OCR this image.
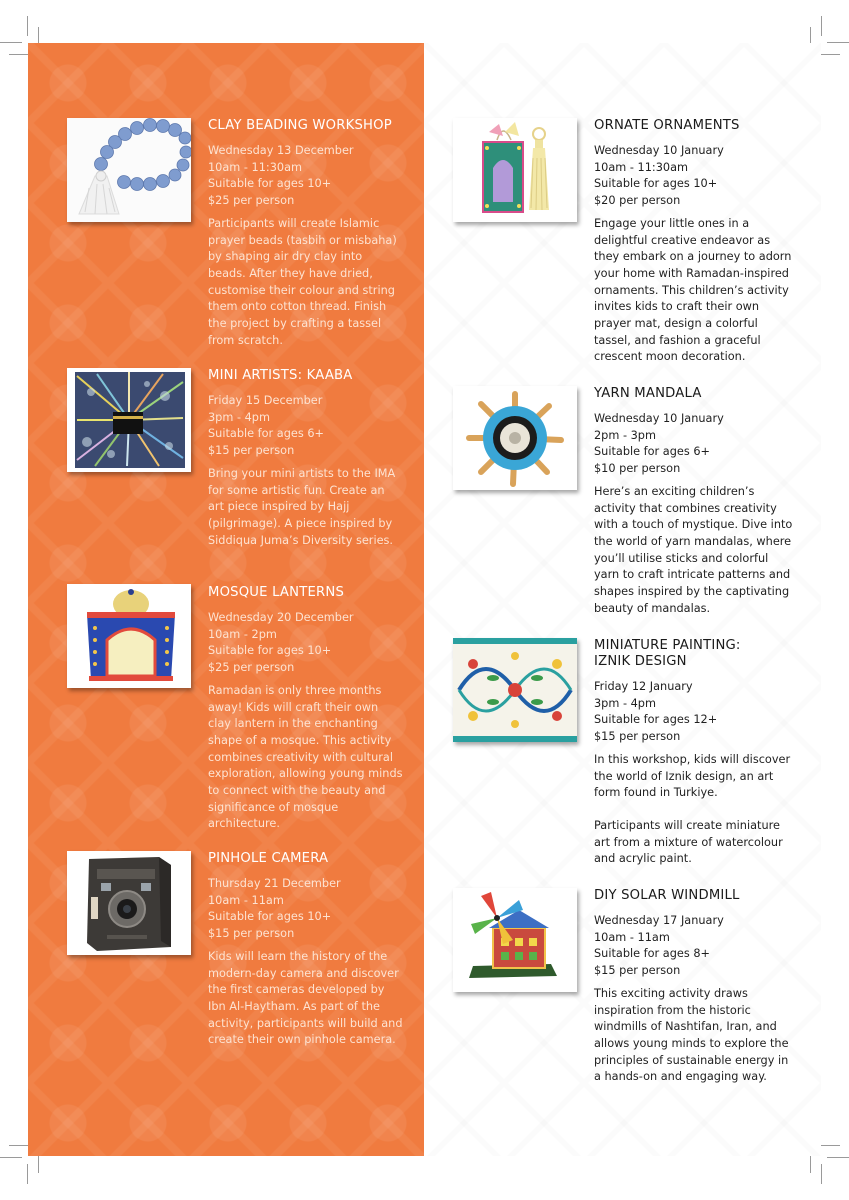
CLAY BEADING WORKSHOP
Wednesday 13 December
10am - 11:30am
Suitable for ages 10+
$25 per person

Participants will create Islamic prayer beads (tasbih or misbaha) by shaping air dry clay into beads. After they have dried, customise their colour and string them onto cotton thread. Finish the project by crafting a tassel from scratch.

MINI ARTISTS: KAABA
Friday 15 December
3pm - 4pm
Suitable for ages 6+
$15 per person

Bring your mini artists to the IMA for some artistic fun. Create an art piece inspired by Hajj (pilgrimage). A piece inspired by Siddiqua Juma’s Diversity series.

MOSQUE LANTERNS
Wednesday 20 December
10am - 2pm
Suitable for ages 10+
$25 per person

Ramadan is only three months away! Kids will craft their own clay lantern in the enchanting shape of a mosque. This activity combines creativity with cultural exploration, allowing young minds to connect with the beauty and significance of mosque architecture.

PINHOLE CAMERA
Thursday 21 December
10am - 11am
Suitable for ages 10+
$15 per person

Kids will learn the history of the modern-day camera and discover the first cameras developed by Ibn Al-Haytham. As part of the activity, participants will build and create their own pinhole camera.

ORNATE ORNAMENTS
Wednesday 10 January
10am - 11:30am
Suitable for ages 10+
$20 per person

Engage your little ones in a delightful creative endeavor as they embark on a journey to adorn your home with Ramadan-inspired ornaments. This children’s activity invites kids to craft their own prayer mat, design a colorful tassel, and fashion a graceful crescent moon decoration.

YARN MANDALA
Wednesday 10 January
2pm - 3pm
Suitable for ages 6+
$10 per person

Here’s an exciting children’s activity that combines creativity with a touch of mystique. Dive into the world of yarn mandalas, where you’ll utilise sticks and colorful yarn to craft intricate patterns and shapes inspired by the captivating beauty of mandalas.

MINIATURE PAINTING: IZNIK DESIGN
Friday 12 January
3pm - 4pm
Suitable for ages 12+
$15 per person

In this workshop, kids will discover the world of Iznik design, an art form found in Turkiye.

Participants will create miniature art from a mixture of watercolour and acrylic paint.

DIY SOLAR WINDMILL
Wednesday 17 January
10am - 11am
Suitable for ages 8+
$15 per person

This exciting activity draws inspiration from the historic windmills of Nashtifan, Iran, and allows young minds to explore the principles of sustainable energy in a hands-on and engaging way.
